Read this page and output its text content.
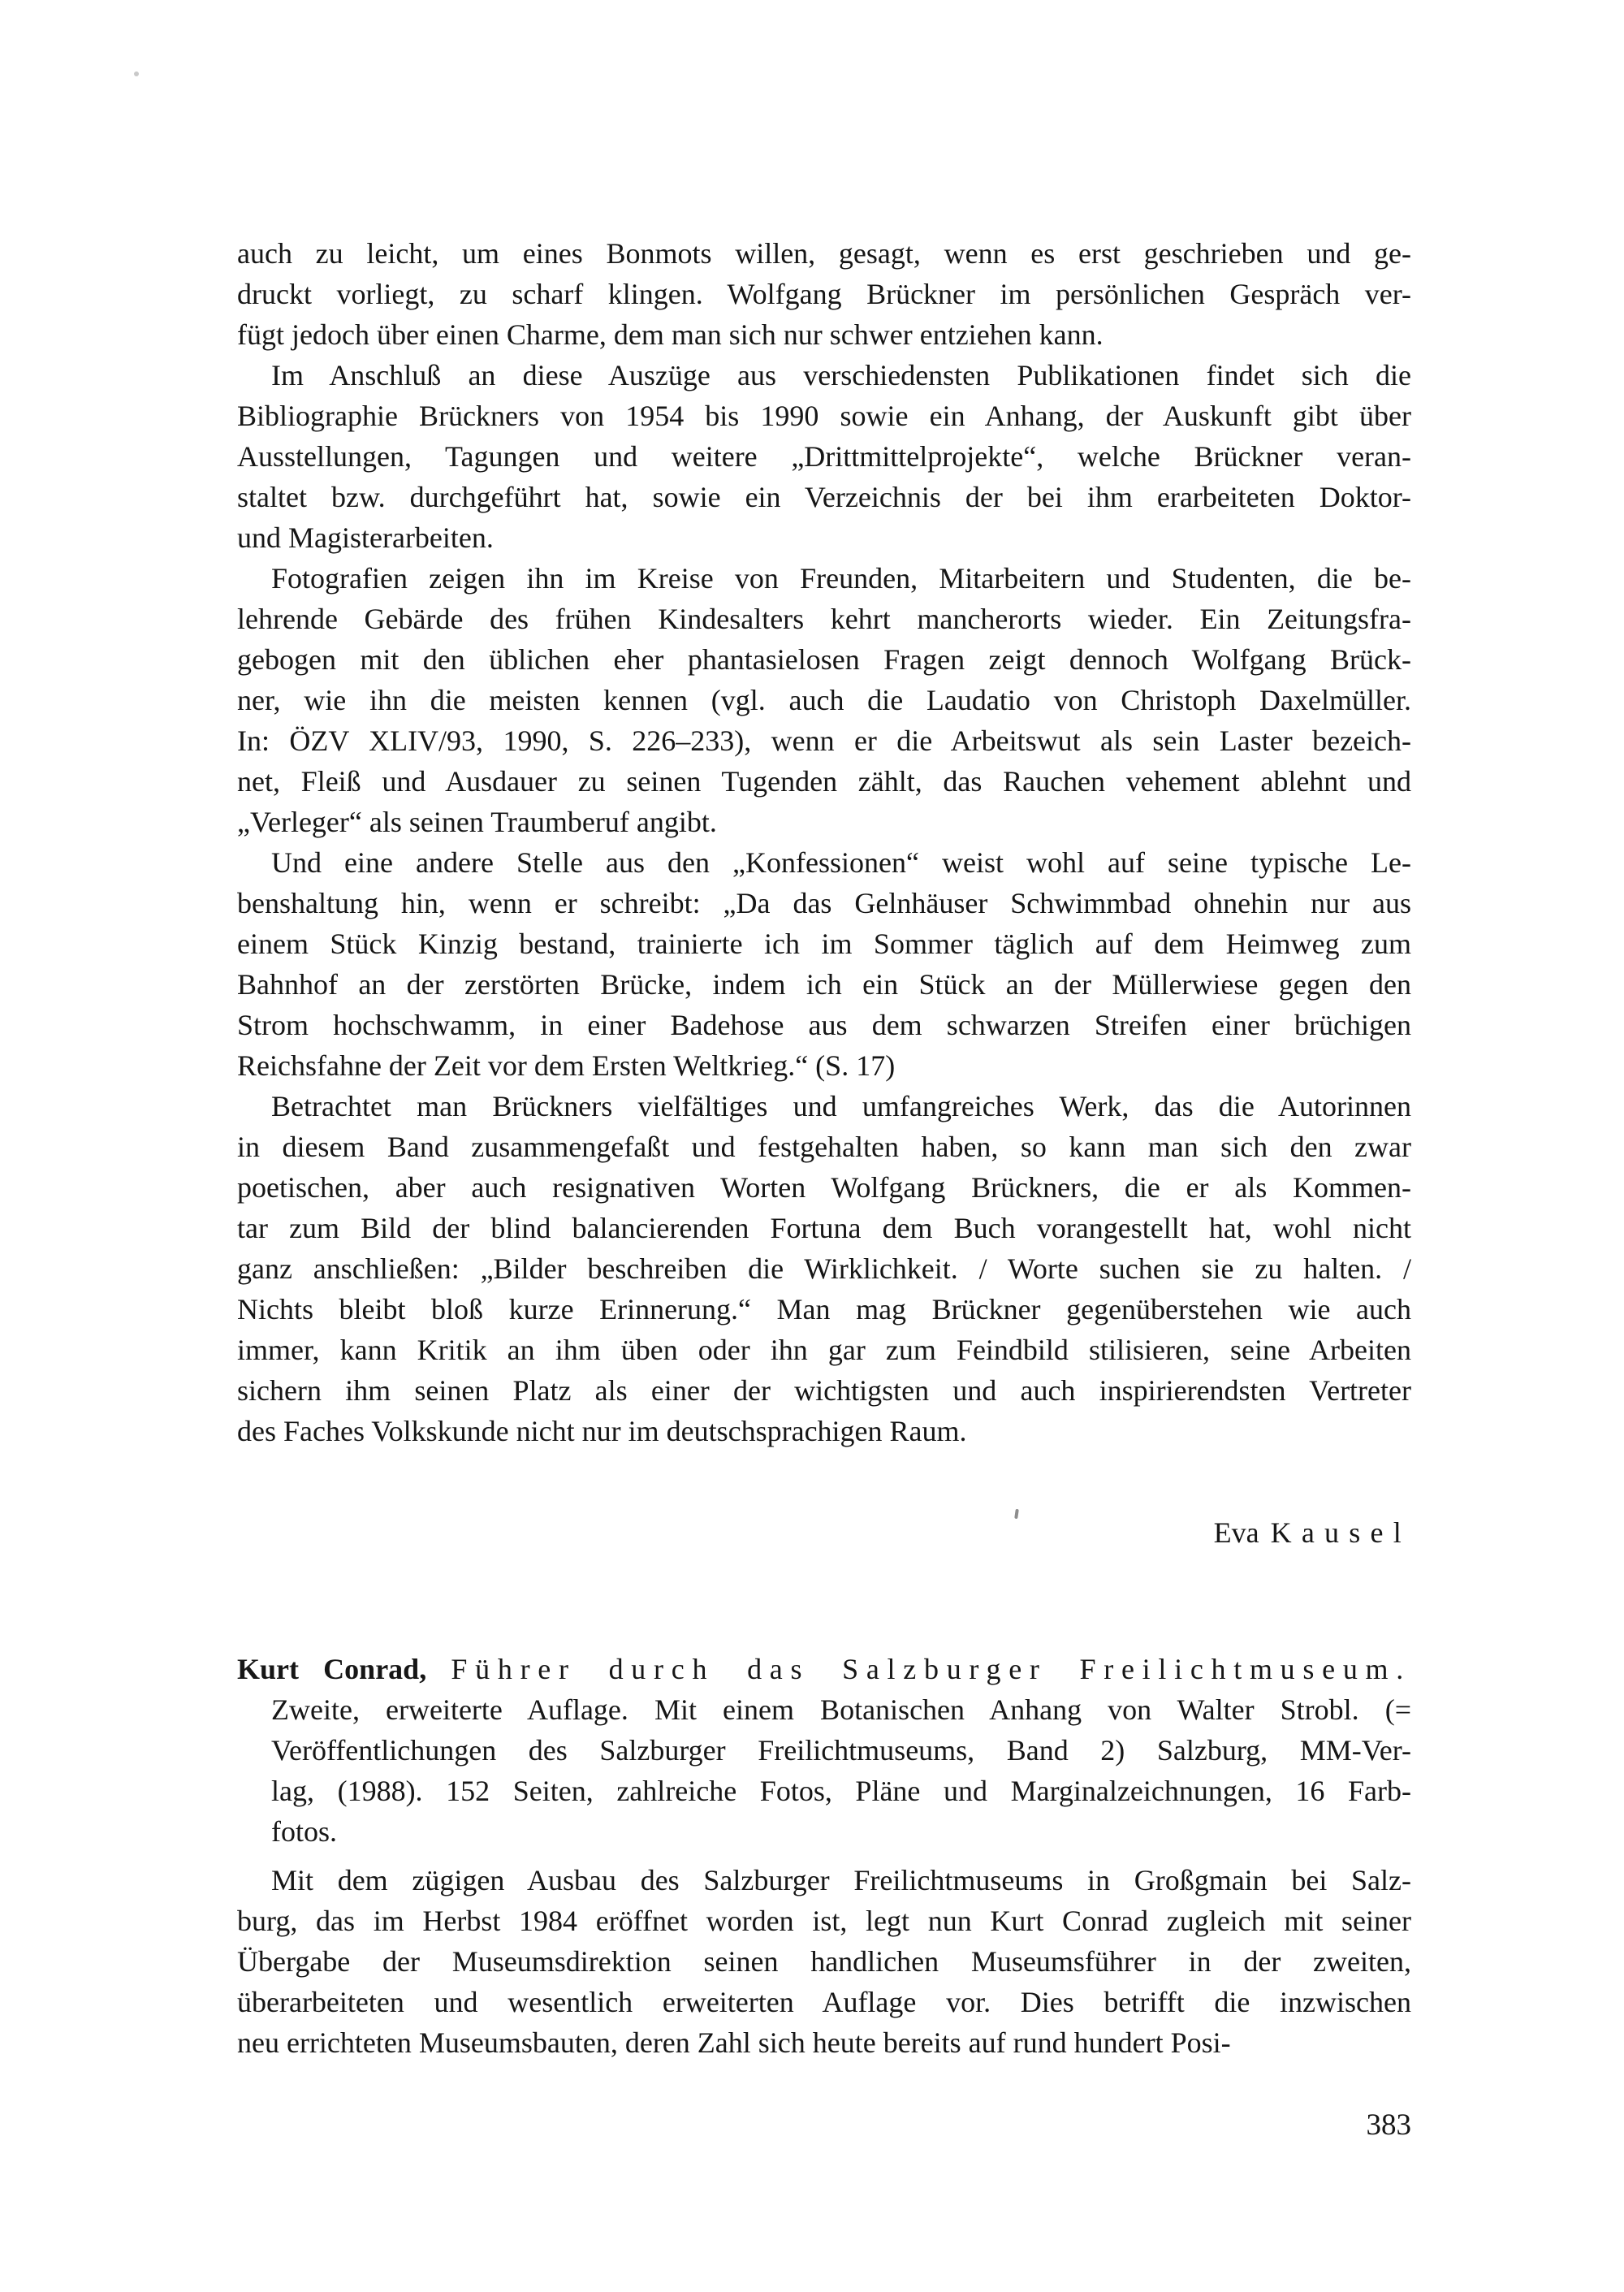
auch zu leicht, um eines Bonmots willen, gesagt, wenn es erst geschrieben und ge-
druckt vorliegt, zu scharf klingen. Wolfgang Brückner im persönlichen Gespräch ver-
fügt jedoch über einen Charme, dem man sich nur schwer entziehen kann.
Im Anschluß an diese Auszüge aus verschiedensten Publikationen findet sich die
Bibliographie Brückners von 1954 bis 1990 sowie ein Anhang, der Auskunft gibt über
Ausstellungen, Tagungen und weitere „Drittmittelprojekte“, welche Brückner veran-
staltet bzw. durchgeführt hat, sowie ein Verzeichnis der bei ihm erarbeiteten Doktor-
und Magisterarbeiten.
Fotografien zeigen ihn im Kreise von Freunden, Mitarbeitern und Studenten, die be-
lehrende Gebärde des frühen Kindesalters kehrt mancherorts wieder. Ein Zeitungsfra-
gebogen mit den üblichen eher phantasielosen Fragen zeigt dennoch Wolfgang Brück-
ner, wie ihn die meisten kennen (vgl. auch die Laudatio von Christoph Daxelmüller.
In: ÖZV XLIV/93, 1990, S. 226–233), wenn er die Arbeitswut als sein Laster bezeich-
net, Fleiß und Ausdauer zu seinen Tugenden zählt, das Rauchen vehement ablehnt und
„Verleger“ als seinen Traumberuf angibt.
Und eine andere Stelle aus den „Konfessionen“ weist wohl auf seine typische Le-
benshaltung hin, wenn er schreibt: „Da das Gelnhäuser Schwimmbad ohnehin nur aus
einem Stück Kinzig bestand, trainierte ich im Sommer täglich auf dem Heimweg zum
Bahnhof an der zerstörten Brücke, indem ich ein Stück an der Müllerwiese gegen den
Strom hochschwamm, in einer Badehose aus dem schwarzen Streifen einer brüchigen
Reichsfahne der Zeit vor dem Ersten Weltkrieg.“ (S. 17)
Betrachtet man Brückners vielfältiges und umfangreiches Werk, das die Autorinnen
in diesem Band zusammengefaßt und festgehalten haben, so kann man sich den zwar
poetischen, aber auch resignativen Worten Wolfgang Brückners, die er als Kommen-
tar zum Bild der blind balancierenden Fortuna dem Buch vorangestellt hat, wohl nicht
ganz anschließen: „Bilder beschreiben die Wirklichkeit. / Worte suchen sie zu halten. /
Nichts bleibt bloß kurze Erinnerung.“ Man mag Brückner gegenüberstehen wie auch
immer, kann Kritik an ihm üben oder ihn gar zum Feindbild stilisieren, seine Arbeiten
sichern ihm seinen Platz als einer der wichtigsten und auch inspirierendsten Vertreter
des Faches Volkskunde nicht nur im deutschsprachigen Raum.
Eva Kausel
Kurt Conrad, Führer durch das Salzburger Freilichtmuseum.
Zweite, erweiterte Auflage. Mit einem Botanischen Anhang von Walter Strobl. (=
Veröffentlichungen des Salzburger Freilichtmuseums, Band 2) Salzburg, MM-Ver-
lag, (1988). 152 Seiten, zahlreiche Fotos, Pläne und Marginalzeichnungen, 16 Farb-
fotos.
Mit dem zügigen Ausbau des Salzburger Freilichtmuseums in Großgmain bei Salz-
burg, das im Herbst 1984 eröffnet worden ist, legt nun Kurt Conrad zugleich mit seiner
Übergabe der Museumsdirektion seinen handlichen Museumsführer in der zweiten,
überarbeiteten und wesentlich erweiterten Auflage vor. Dies betrifft die inzwischen
neu errichteten Museumsbauten, deren Zahl sich heute bereits auf rund hundert Posi-
383
